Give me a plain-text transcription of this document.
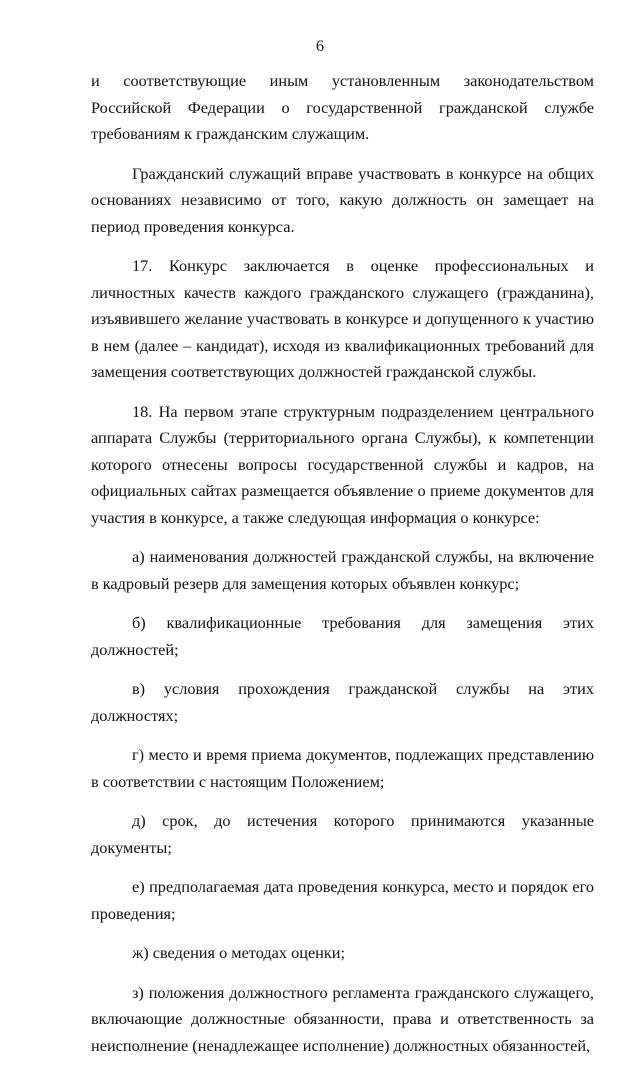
6

и соответствующие иным установленным законодательством Российской Федерации о государственной гражданской службе требованиям к гражданским служащим.

Гражданский служащий вправе участвовать в конкурсе на общих основаниях независимо от того, какую должность он замещает на период проведения конкурса.

17. Конкурс заключается в оценке профессиональных и личностных качеств каждого гражданского служащего (гражданина), изъявившего желание участвовать в конкурсе и допущенного к участию в нем (далее – кандидат), исходя из квалификационных требований для замещения соответствующих должностей гражданской службы.

18. На первом этапе структурным подразделением центрального аппарата Службы (территориального органа Службы), к компетенции которого отнесены вопросы государственной службы и кадров, на официальных сайтах размещается объявление о приеме документов для участия в конкурсе, а также следующая информация о конкурсе:

а) наименования должностей гражданской службы, на включение в кадровый резерв для замещения которых объявлен конкурс;

б) квалификационные требования для замещения этих должностей;

в) условия прохождения гражданской службы на этих должностях;

г) место и время приема документов, подлежащих представлению в соответствии с настоящим Положением;

д) срок, до истечения которого принимаются указанные документы;

е) предполагаемая дата проведения конкурса, место и порядок его проведения;

ж) сведения о методах оценки;

з) положения должностного регламента гражданского служащего, включающие должностные обязанности, права и ответственность за неисполнение (ненадлежащее исполнение) должностных обязанностей,
